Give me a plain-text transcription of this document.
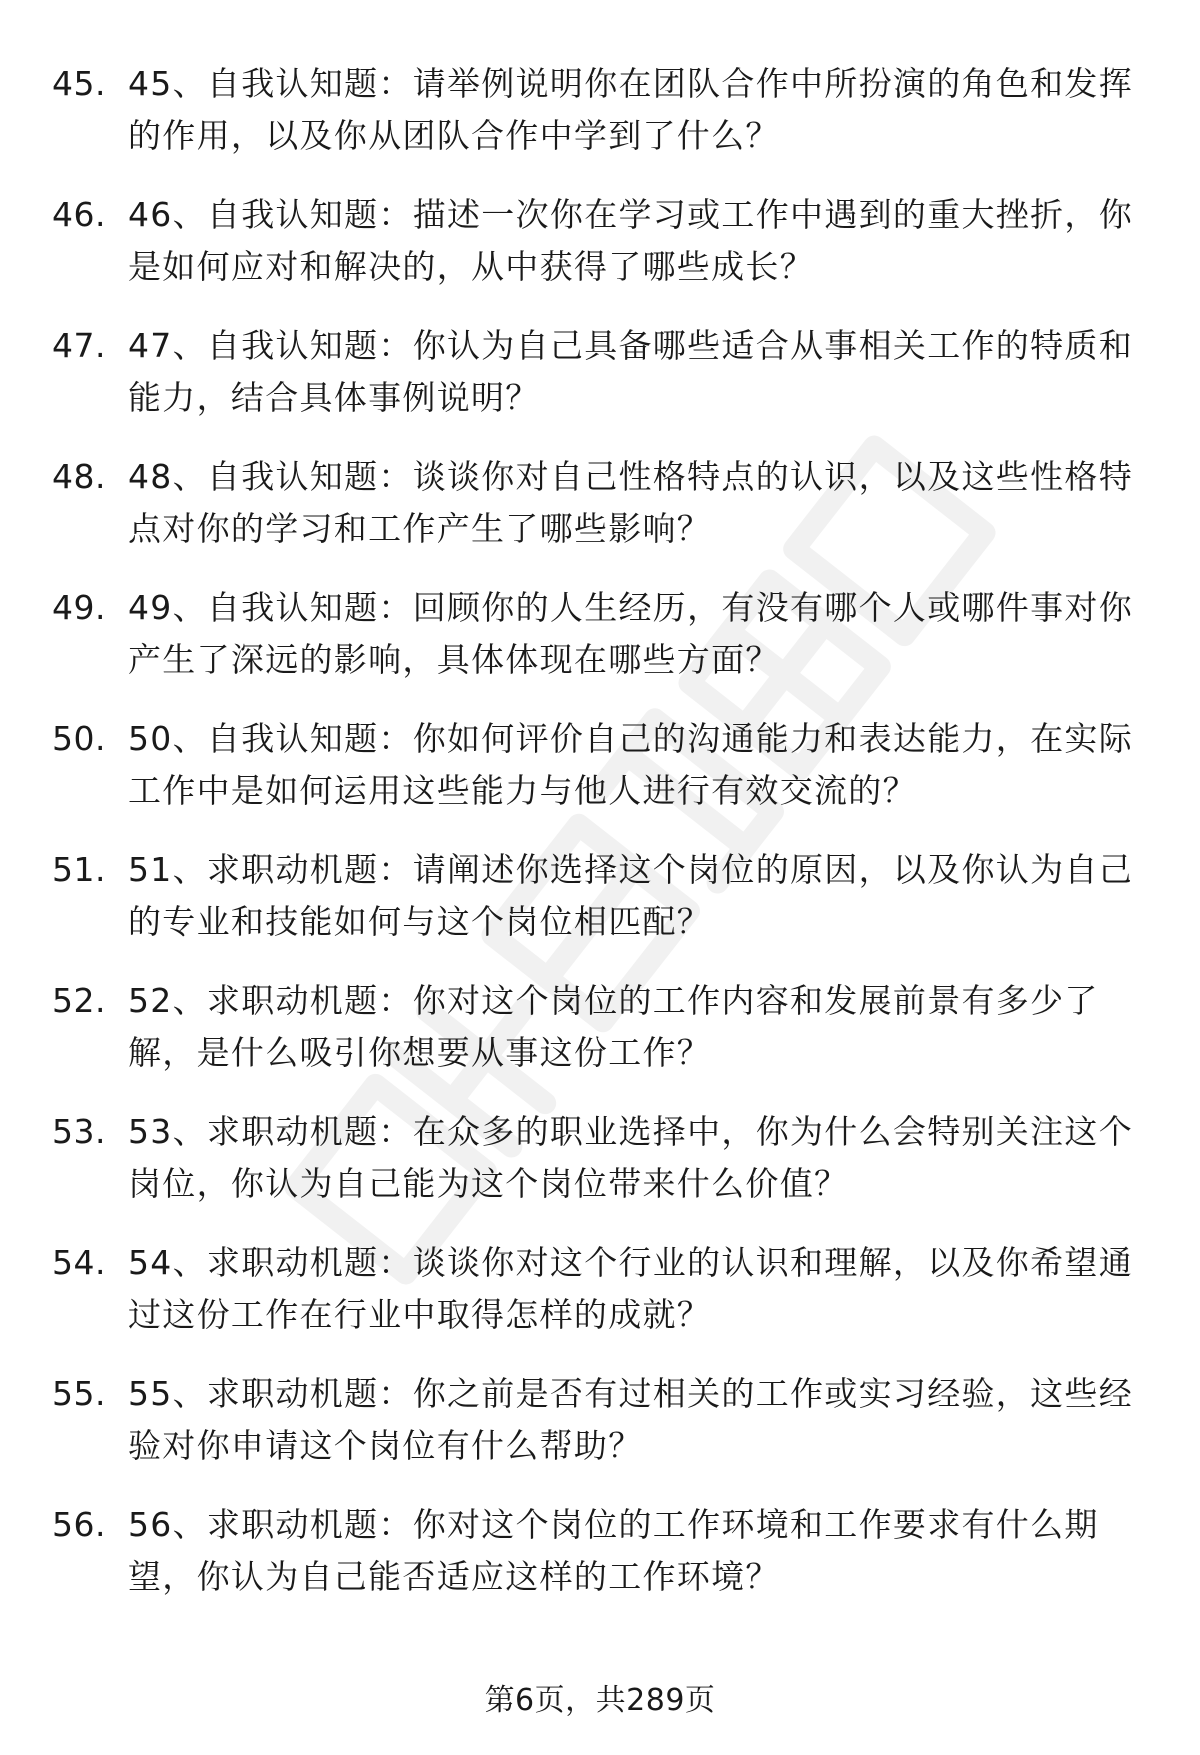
45. 45、自我认知题：请举例说明你在团队合作中所扮演的角色和发挥的作用，以及你从团队合作中学到了什么？
46. 46、自我认知题：描述一次你在学习或工作中遇到的重大挫折，你是如何应对和解决的，从中获得了哪些成长？
47. 47、自我认知题：你认为自己具备哪些适合从事相关工作的特质和能力，结合具体事例说明？
48. 48、自我认知题：谈谈你对自己性格特点的认识，以及这些性格特点对你的学习和工作产生了哪些影响？
49. 49、自我认知题：回顾你的人生经历，有没有哪个人或哪件事对你产生了深远的影响，具体体现在哪些方面？
50. 50、自我认知题：你如何评价自己的沟通能力和表达能力，在实际工作中是如何运用这些能力与他人进行有效交流的？
51. 51、求职动机题：请阐述你选择这个岗位的原因，以及你认为自己的专业和技能如何与这个岗位相匹配？
52. 52、求职动机题：你对这个岗位的工作内容和发展前景有多少了解，是什么吸引你想要从事这份工作？
53. 53、求职动机题：在众多的职业选择中，你为什么会特别关注这个岗位，你认为自己能为这个岗位带来什么价值？
54. 54、求职动机题：谈谈你对这个行业的认识和理解，以及你希望通过这份工作在行业中取得怎样的成就？
55. 55、求职动机题：你之前是否有过相关的工作或实习经验，这些经验对你申请这个岗位有什么帮助？
56. 56、求职动机题：你对这个岗位的工作环境和工作要求有什么期望，你认为自己能否适应这样的工作环境？
第6页，共289页
